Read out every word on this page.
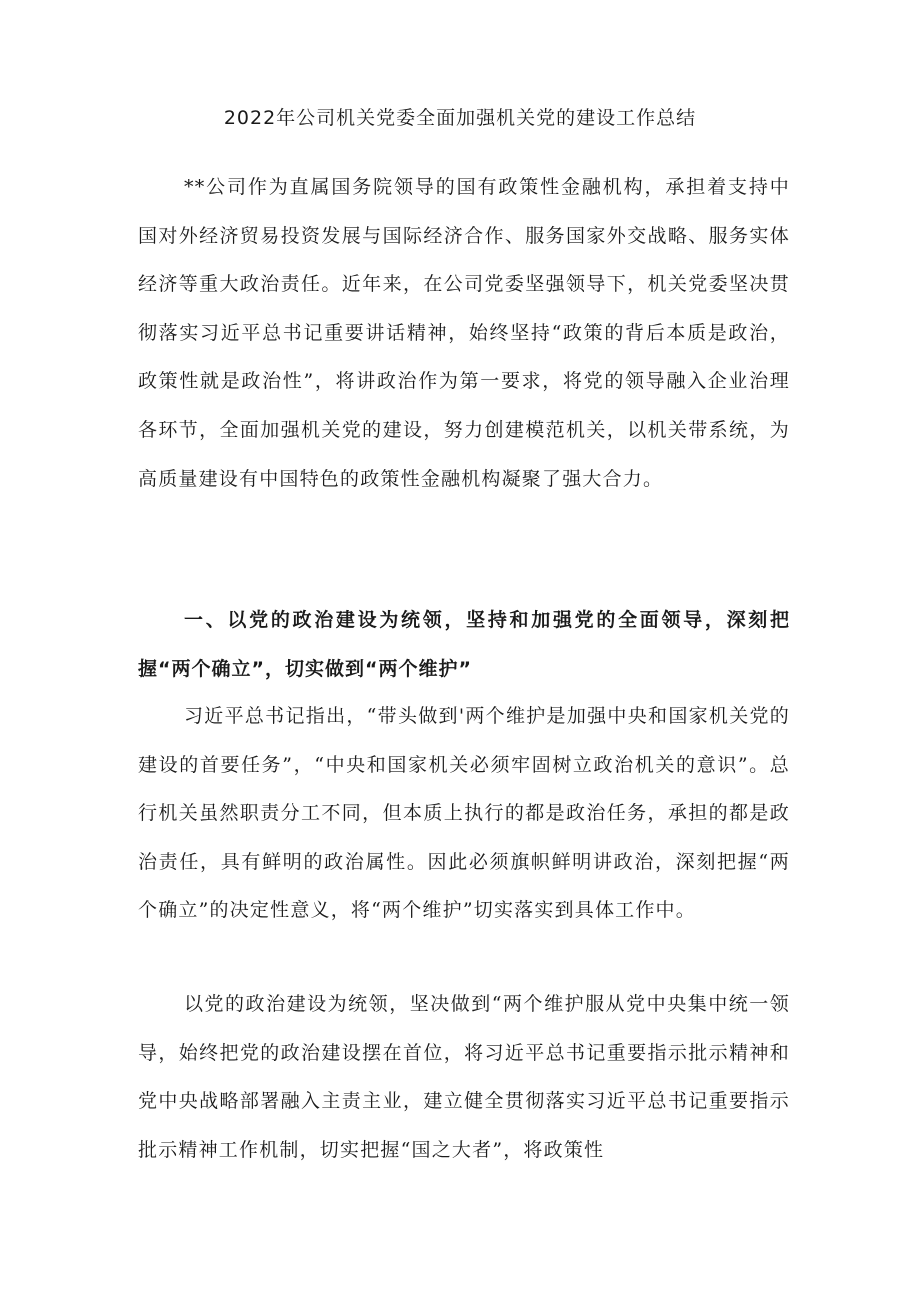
2022年公司机关党委全面加强机关党的建设工作总结

**公司作为直属国务院领导的国有政策性金融机构，承担着支持中国对外经济贸易投资发展与国际经济合作、服务国家外交战略、服务实体经济等重大政治责任。近年来，在公司党委坚强领导下，机关党委坚决贯彻落实习近平总书记重要讲话精神，始终坚持“政策的背后本质是政治，政策性就是政治性”，将讲政治作为第一要求，将党的领导融入企业治理各环节，全面加强机关党的建设，努力创建模范机关，以机关带系统，为高质量建设有中国特色的政策性金融机构凝聚了强大合力。

一、以党的政治建设为统领，坚持和加强党的全面领导，深刻把握“两个确立”，切实做到“两个维护”

习近平总书记指出，“带头做到'两个维护是加强中央和国家机关党的建设的首要任务”，“中央和国家机关必须牢固树立政治机关的意识”。总行机关虽然职责分工不同，但本质上执行的都是政治任务，承担的都是政治责任，具有鲜明的政治属性。因此必须旗帜鲜明讲政治，深刻把握“两个确立”的决定性意义，将“两个维护”切实落实到具体工作中。

以党的政治建设为统领，坚决做到“两个维护服从党中央集中统一领导，始终把党的政治建设摆在首位，将习近平总书记重要指示批示精神和党中央战略部署融入主责主业，建立健全贯彻落实习近平总书记重要指示批示精神工作机制，切实把握“国之大者”，将政策性
